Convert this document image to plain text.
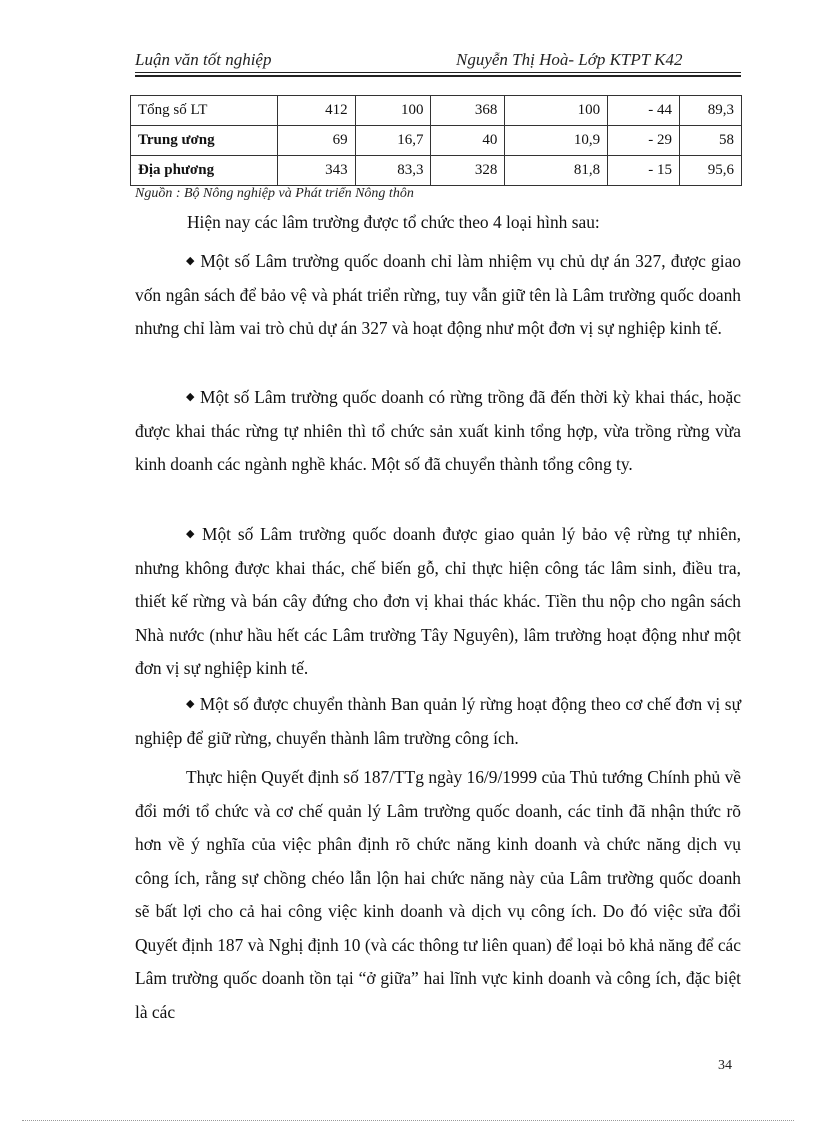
Luận văn tốt nghiệp	Nguyễn Thị Hoà- Lớp KTPT K42
Tổng số LT	412	100	368	100	- 44	89,3
Trung ương	69	16,7	40	10,9	- 29	58
Địa phương	343	83,3	328	81,8	- 15	95,6
Nguồn : Bộ Nông nghiệp và Phát triển Nông thôn

Hiện nay các lâm trường được tổ chức theo 4 loại hình sau:

◆ Một số Lâm trường quốc doanh chỉ làm nhiệm vụ chủ dự án 327, được giao vốn ngân sách để bảo vệ và phát triển rừng, tuy vẫn giữ tên là Lâm trường quốc doanh nhưng chỉ làm vai trò chủ dự án 327 và hoạt động như một đơn vị sự nghiệp kinh tế.

◆ Một số Lâm trường quốc doanh có rừng trồng đã đến thời kỳ khai thác, hoặc được khai thác rừng tự nhiên thì tổ chức sản xuất kinh tổng hợp, vừa trồng rừng vừa kinh doanh các ngành nghề khác. Một số đã chuyển thành tổng công ty.

◆ Một số Lâm trường quốc doanh được giao quản lý bảo vệ rừng tự nhiên, nhưng không được khai thác, chế biến gỗ, chỉ thực hiện công tác lâm sinh, điều tra, thiết kế rừng và bán cây đứng cho đơn vị khai thác khác. Tiền thu nộp cho ngân sách Nhà nước (như hầu hết các Lâm trường Tây Nguyên), lâm trường hoạt động như một đơn vị sự nghiệp kinh tế.

◆ Một số được chuyển thành Ban quản lý rừng hoạt động theo cơ chế đơn vị sự nghiệp để giữ rừng, chuyển thành lâm trường công ích.

Thực hiện Quyết định số 187/TTg ngày 16/9/1999 của Thủ tướng Chính phủ về đổi mới tổ chức và cơ chế quản lý Lâm trường quốc doanh, các tỉnh đã nhận thức rõ hơn về ý nghĩa của việc phân định rõ chức năng kinh doanh và chức năng dịch vụ công ích, rằng sự chồng chéo lẫn lộn hai chức năng này của Lâm trường quốc doanh sẽ bất lợi cho cả hai công việc kinh doanh và dịch vụ công ích. Do đó việc sửa đổi Quyết định 187 và Nghị định 10 (và các thông tư liên quan) để loại bỏ khả năng để các Lâm trường quốc doanh tồn tại “ở giữa” hai lĩnh vực kinh doanh và công ích, đặc biệt là các

34
